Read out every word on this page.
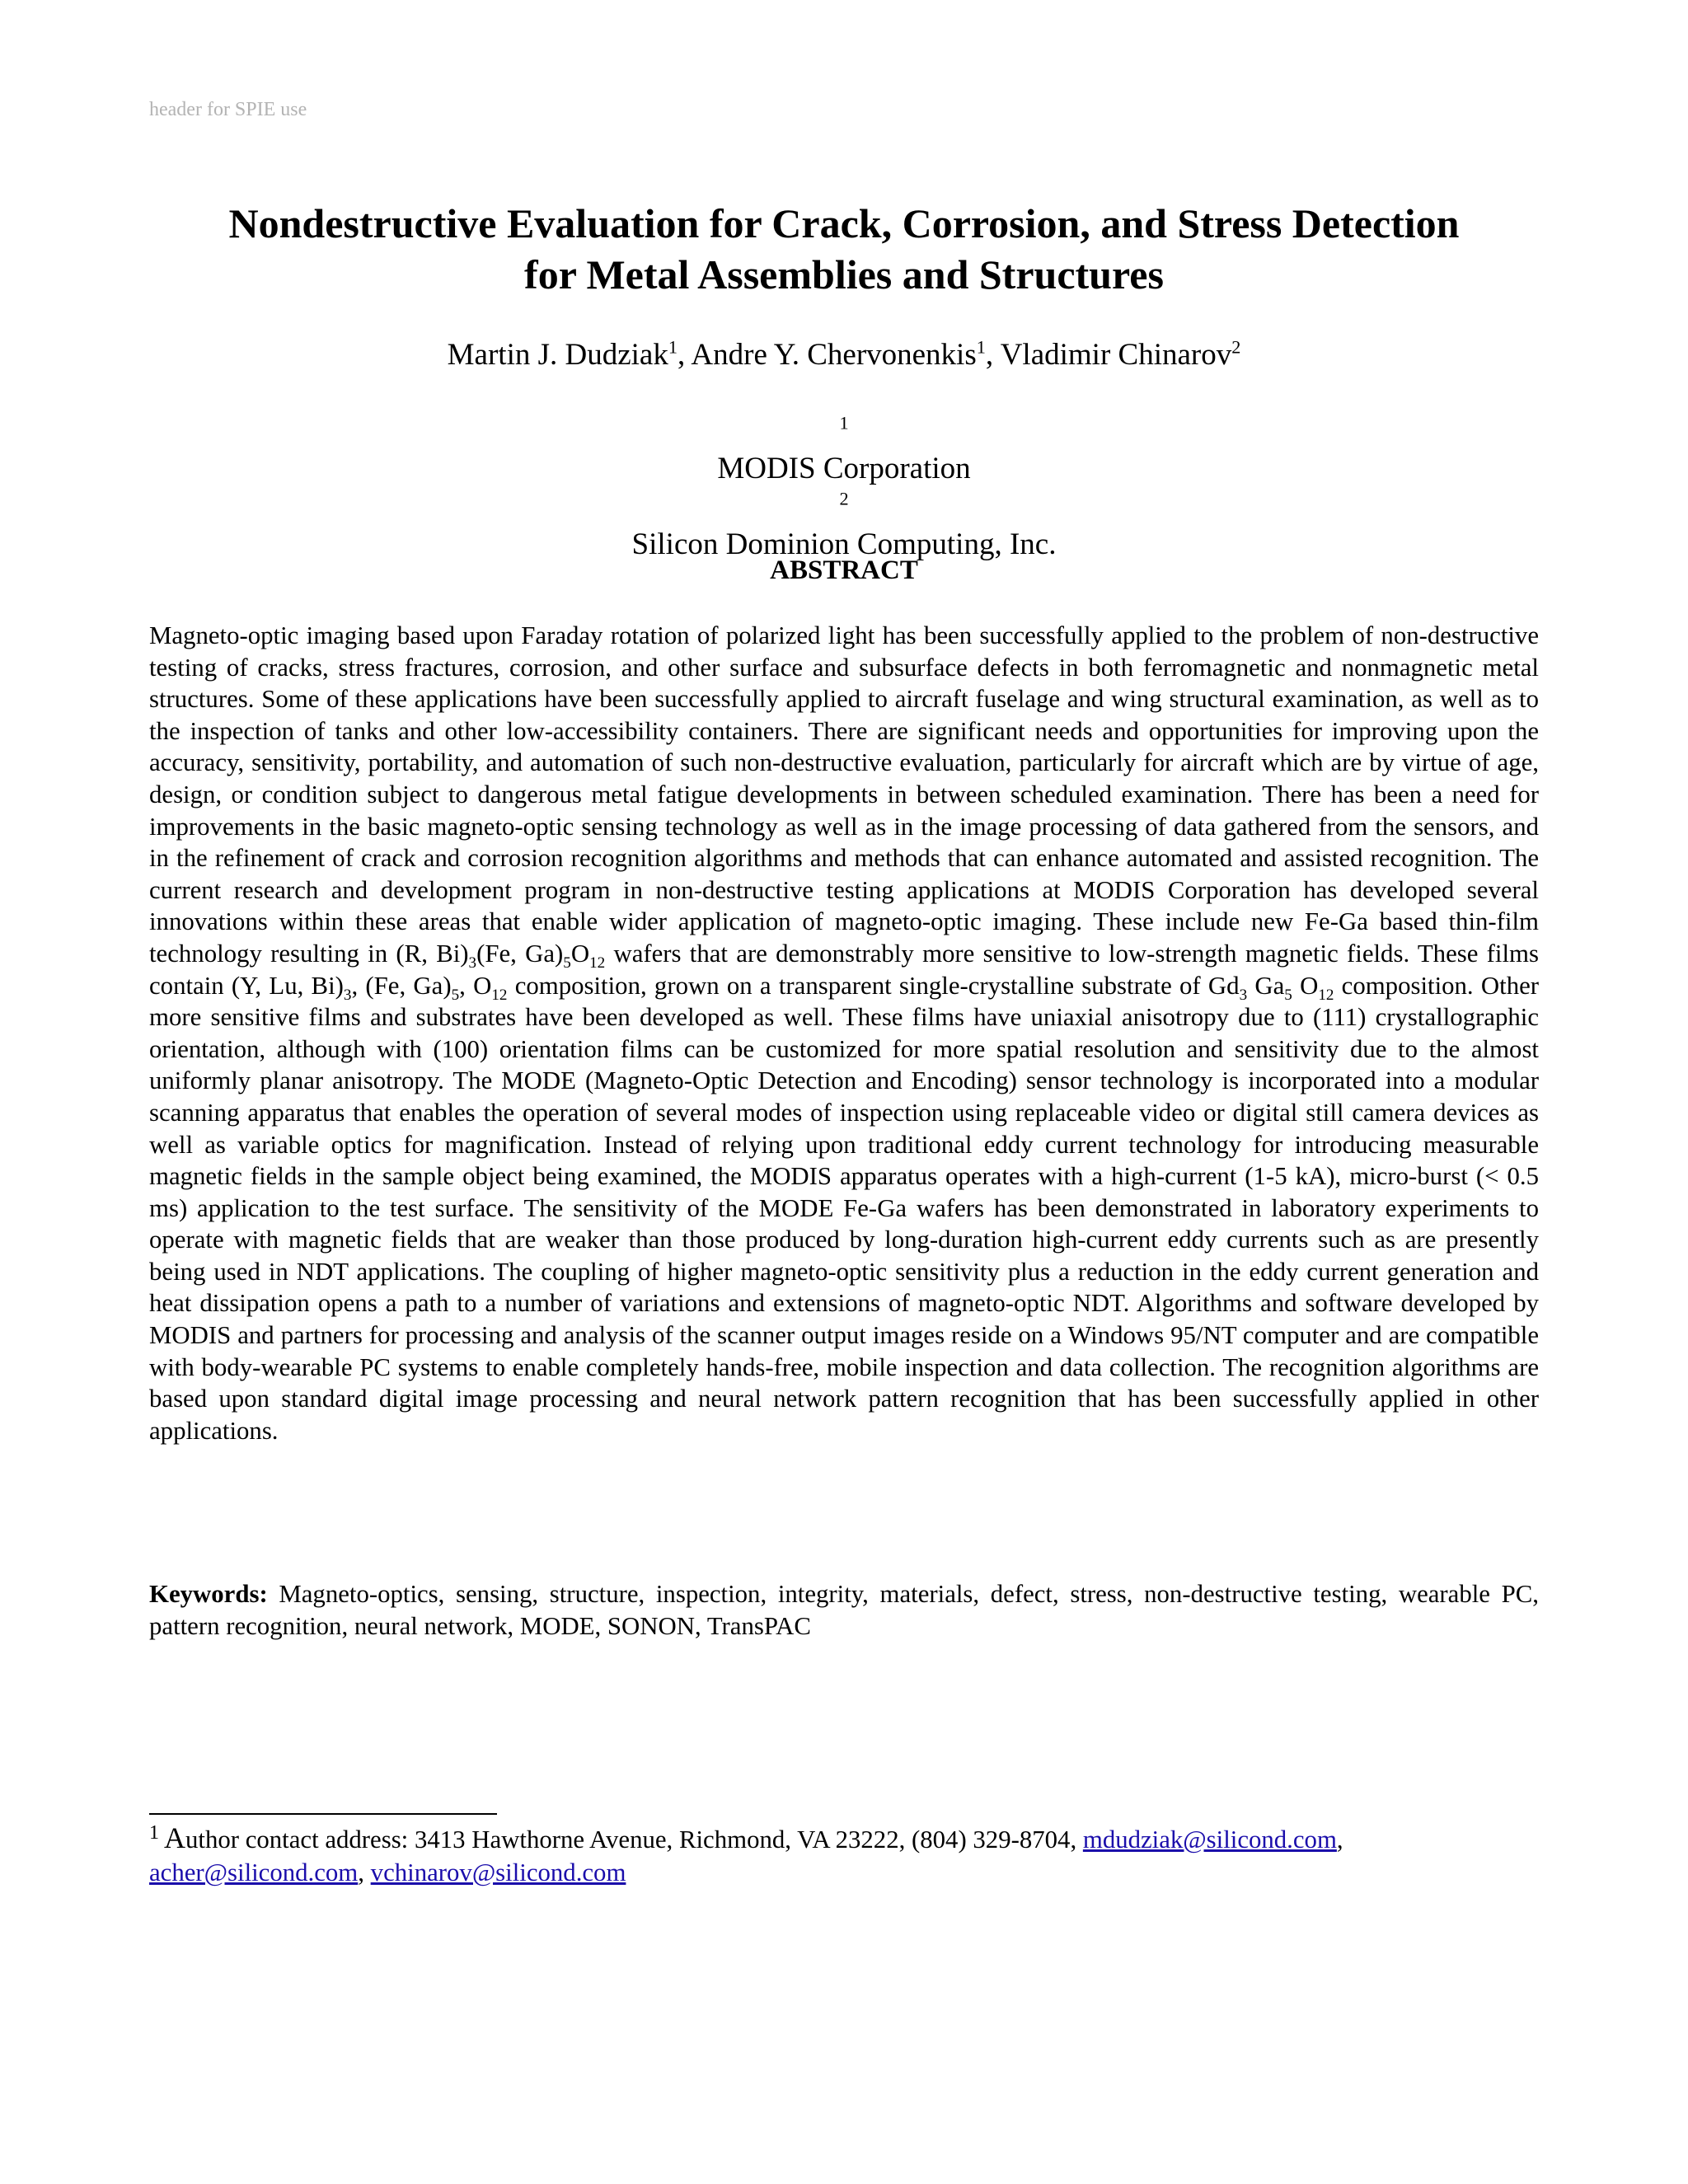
header for SPIE use
Nondestructive Evaluation for Crack, Corrosion, and Stress Detection
for Metal Assemblies and Structures
Martin J. Dudziak$^1$, Andre Y. Chervonenkis$^1$, Vladimir Chinarov$^2$
$^1$
MODIS Corporation
$^2$
Silicon Dominion Computing, Inc.
ABSTRACT
Magneto-optic imaging based upon Faraday rotation of polarized light has been successfully applied to the problem of non-destructive testing of cracks, stress fractures, corrosion, and other surface and subsurface defects in both ferromagnetic and nonmagnetic metal structures. Some of these applications have been successfully applied to aircraft fuselage and wing structural examination, as well as to the inspection of tanks and other low-accessibility containers. There are significant needs and opportunities for improving upon the accuracy, sensitivity, portability, and automation of such non-destructive evaluation, particularly for aircraft which are by virtue of age, design, or condition subject to dangerous metal fatigue developments in between scheduled examination. There has been a need for improvements in the basic magneto-optic sensing technology as well as in the image processing of data gathered from the sensors, and in the refinement of crack and corrosion recognition algorithms and methods that can enhance automated and assisted recognition. The current research and development program in non-destructive testing applications at MODIS Corporation has developed several innovations within these areas that enable wider application of magneto-optic imaging. These include new Fe-Ga based thin-film technology resulting in (R, $Bi)_3(Fe$, $Ga)_5O_{12}$ wafers that are demonstrably more sensitive to low-strength magnetic fields. These films contain (Y, Lu, $Bi)_3$, (Fe, $Ga)_5$, $O_{12}$ composition, grown on a transparent single-crystalline substrate of $Gd_3$ $Ga_5$ $O_{12}$ composition. Other more sensitive films and substrates have been developed as well. These films have uniaxial anisotropy due to (111) crystallographic orientation, although with (100) orientation films can be customized for more spatial resolution and sensitivity due to the almost uniformly planar anisotropy. The MODE (Magneto-Optic Detection and Encoding) sensor technology is incorporated into a modular scanning apparatus that enables the operation of several modes of inspection using replaceable video or digital still camera devices as well as variable optics for magnification. Instead of relying upon traditional eddy current technology for introducing measurable magnetic fields in the sample object being examined, the MODIS apparatus operates with a high-current (1-5 kA), micro-burst (< 0.5 ms) application to the test surface. The sensitivity of the MODE Fe-Ga wafers has been demonstrated in laboratory experiments to operate with magnetic fields that are weaker than those produced by long-duration high-current eddy currents such as are presently being used in NDT applications. The coupling of higher magneto-optic sensitivity plus a reduction in the eddy current generation and heat dissipation opens a path to a number of variations and extensions of magneto-optic NDT. Algorithms and software developed by MODIS and partners for processing and analysis of the scanner output images reside on a Windows 95/NT computer and are compatible with body-wearable PC systems to enable completely hands-free, mobile inspection and data collection. The recognition algorithms are based upon standard digital image processing and neural network pattern recognition that has been successfully applied in other applications.
Keywords: Magneto-optics, sensing, structure, inspection, integrity, materials, defect, stress, non-destructive testing, wearable PC, pattern recognition, neural network, MODE, SONON, TransPAC
$^1$ Author contact address: 3413 Hawthorne Avenue, Richmond, VA 23222, (804) 329-8704, mdudziak@silicond.com, acher@silicond.com, vchinarov@silicond.com
